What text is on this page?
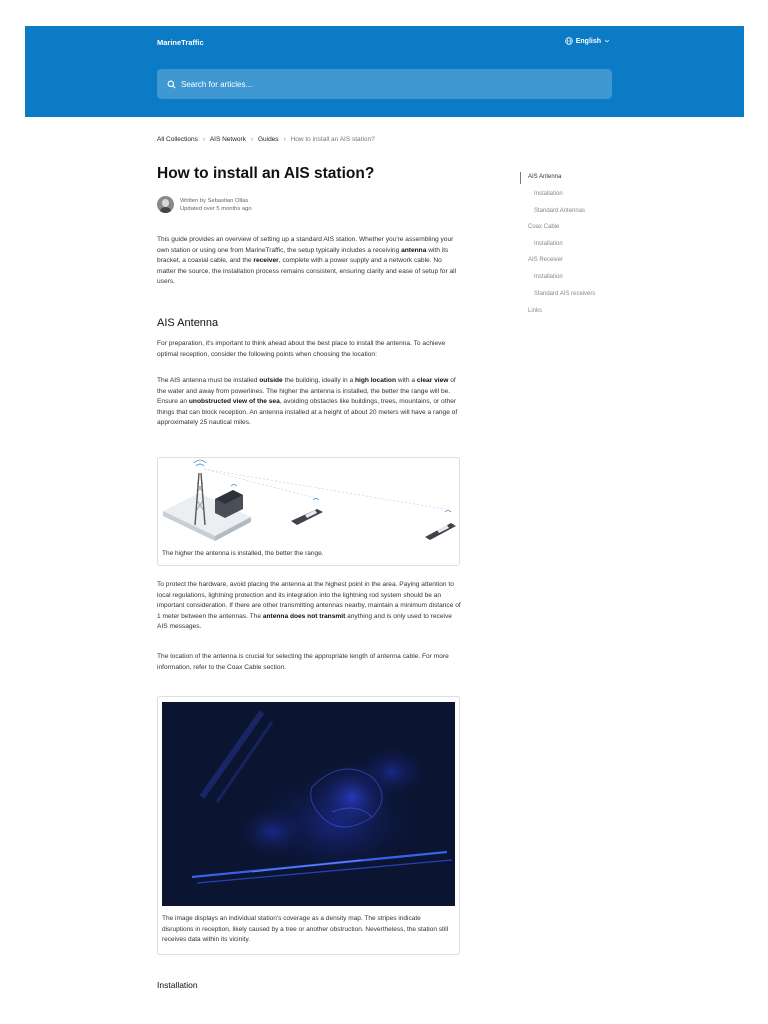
MarineTraffic	English
Search for articles...
All Collections › AIS Network › Guides › How to install an AIS station?
How to install an AIS station?
Written by Sebastian Ollas
Updated over 5 months ago

This guide provides an overview of setting up a standard AIS station. Whether you're assembling your own station or using one from MarineTraffic, the setup typically includes a receiving antenna with its bracket, a coaxial cable, and the receiver, complete with a power supply and a network cable. No matter the source, the installation process remains consistent, ensuring clarity and ease of setup for all users.

AIS Antenna

For preparation, it's important to think ahead about the best place to install the antenna. To achieve optimal reception, consider the following points when choosing the location:

The AIS antenna must be installed outside the building, ideally in a high location with a clear view of the water and away from powerlines. The higher the antenna is installed, the better the range will be. Ensure an unobstructed view of the sea, avoiding obstacles like buildings, trees, mountains, or other things that can block reception. An antenna installed at a height of about 20 meters will have a range of approximately 25 nautical miles.

The higher the antenna is installed, the better the range.

To protect the hardware, avoid placing the antenna at the highest point in the area. Paying attention to local regulations, lightning protection and its integration into the lightning rod system should be an important consideration. If there are other transmitting antennas nearby, maintain a minimum distance of 1 meter between the antennas. The antenna does not transmit anything and is only used to receive AIS messages.

The location of the antenna is crucial for selecting the appropriate length of antenna cable. For more information, refer to the Coax Cable section.

The image displays an individual station's coverage as a density map. The stripes indicate disruptions in reception, likely caused by a tree or another obstruction. Nevertheless, the station still receives data within its vicinity.
Installation
AIS Antenna
Installation
Standard Antennas
Coax Cable
Installation
AIS Receiver
Installation
Standard AIS receivers
Links
